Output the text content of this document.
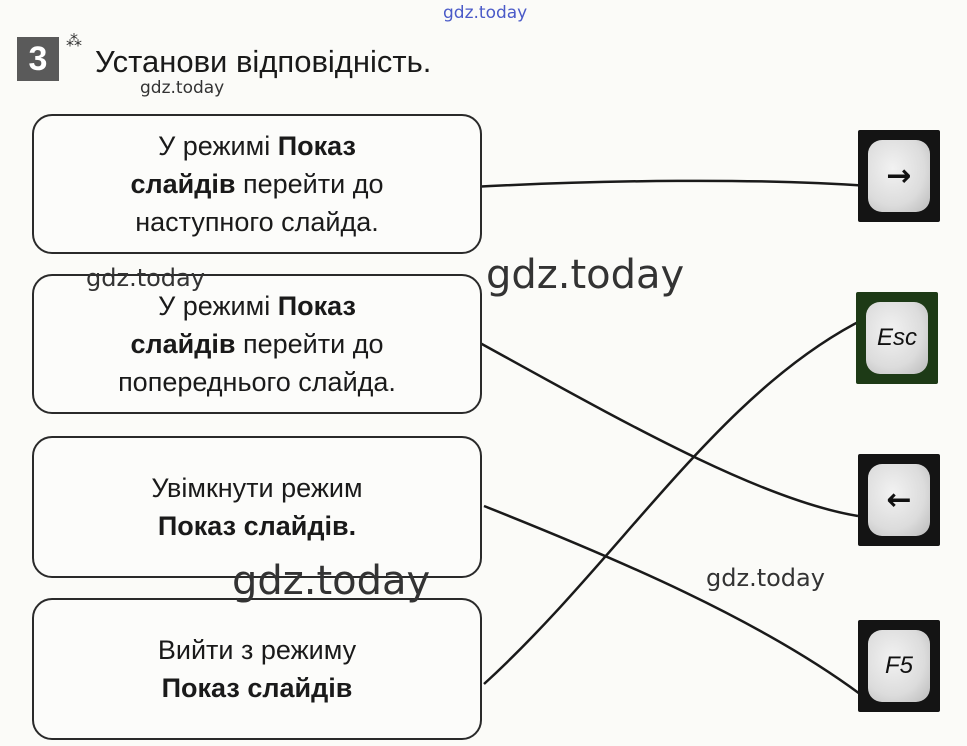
3	⁂
Установи відповідність.
У режимі Показ
слайдів перейти до
наступного слайда.
У режимі Показ
слайдів перейти до
попереднього слайда.
Увімкнути режим
Показ слайдів.
Вийти з режиму
Показ слайдів
→
Esc
←
F5
gdz.today
gdz.today
gdz.today	gdz.today
gdz.today	gdz.today
